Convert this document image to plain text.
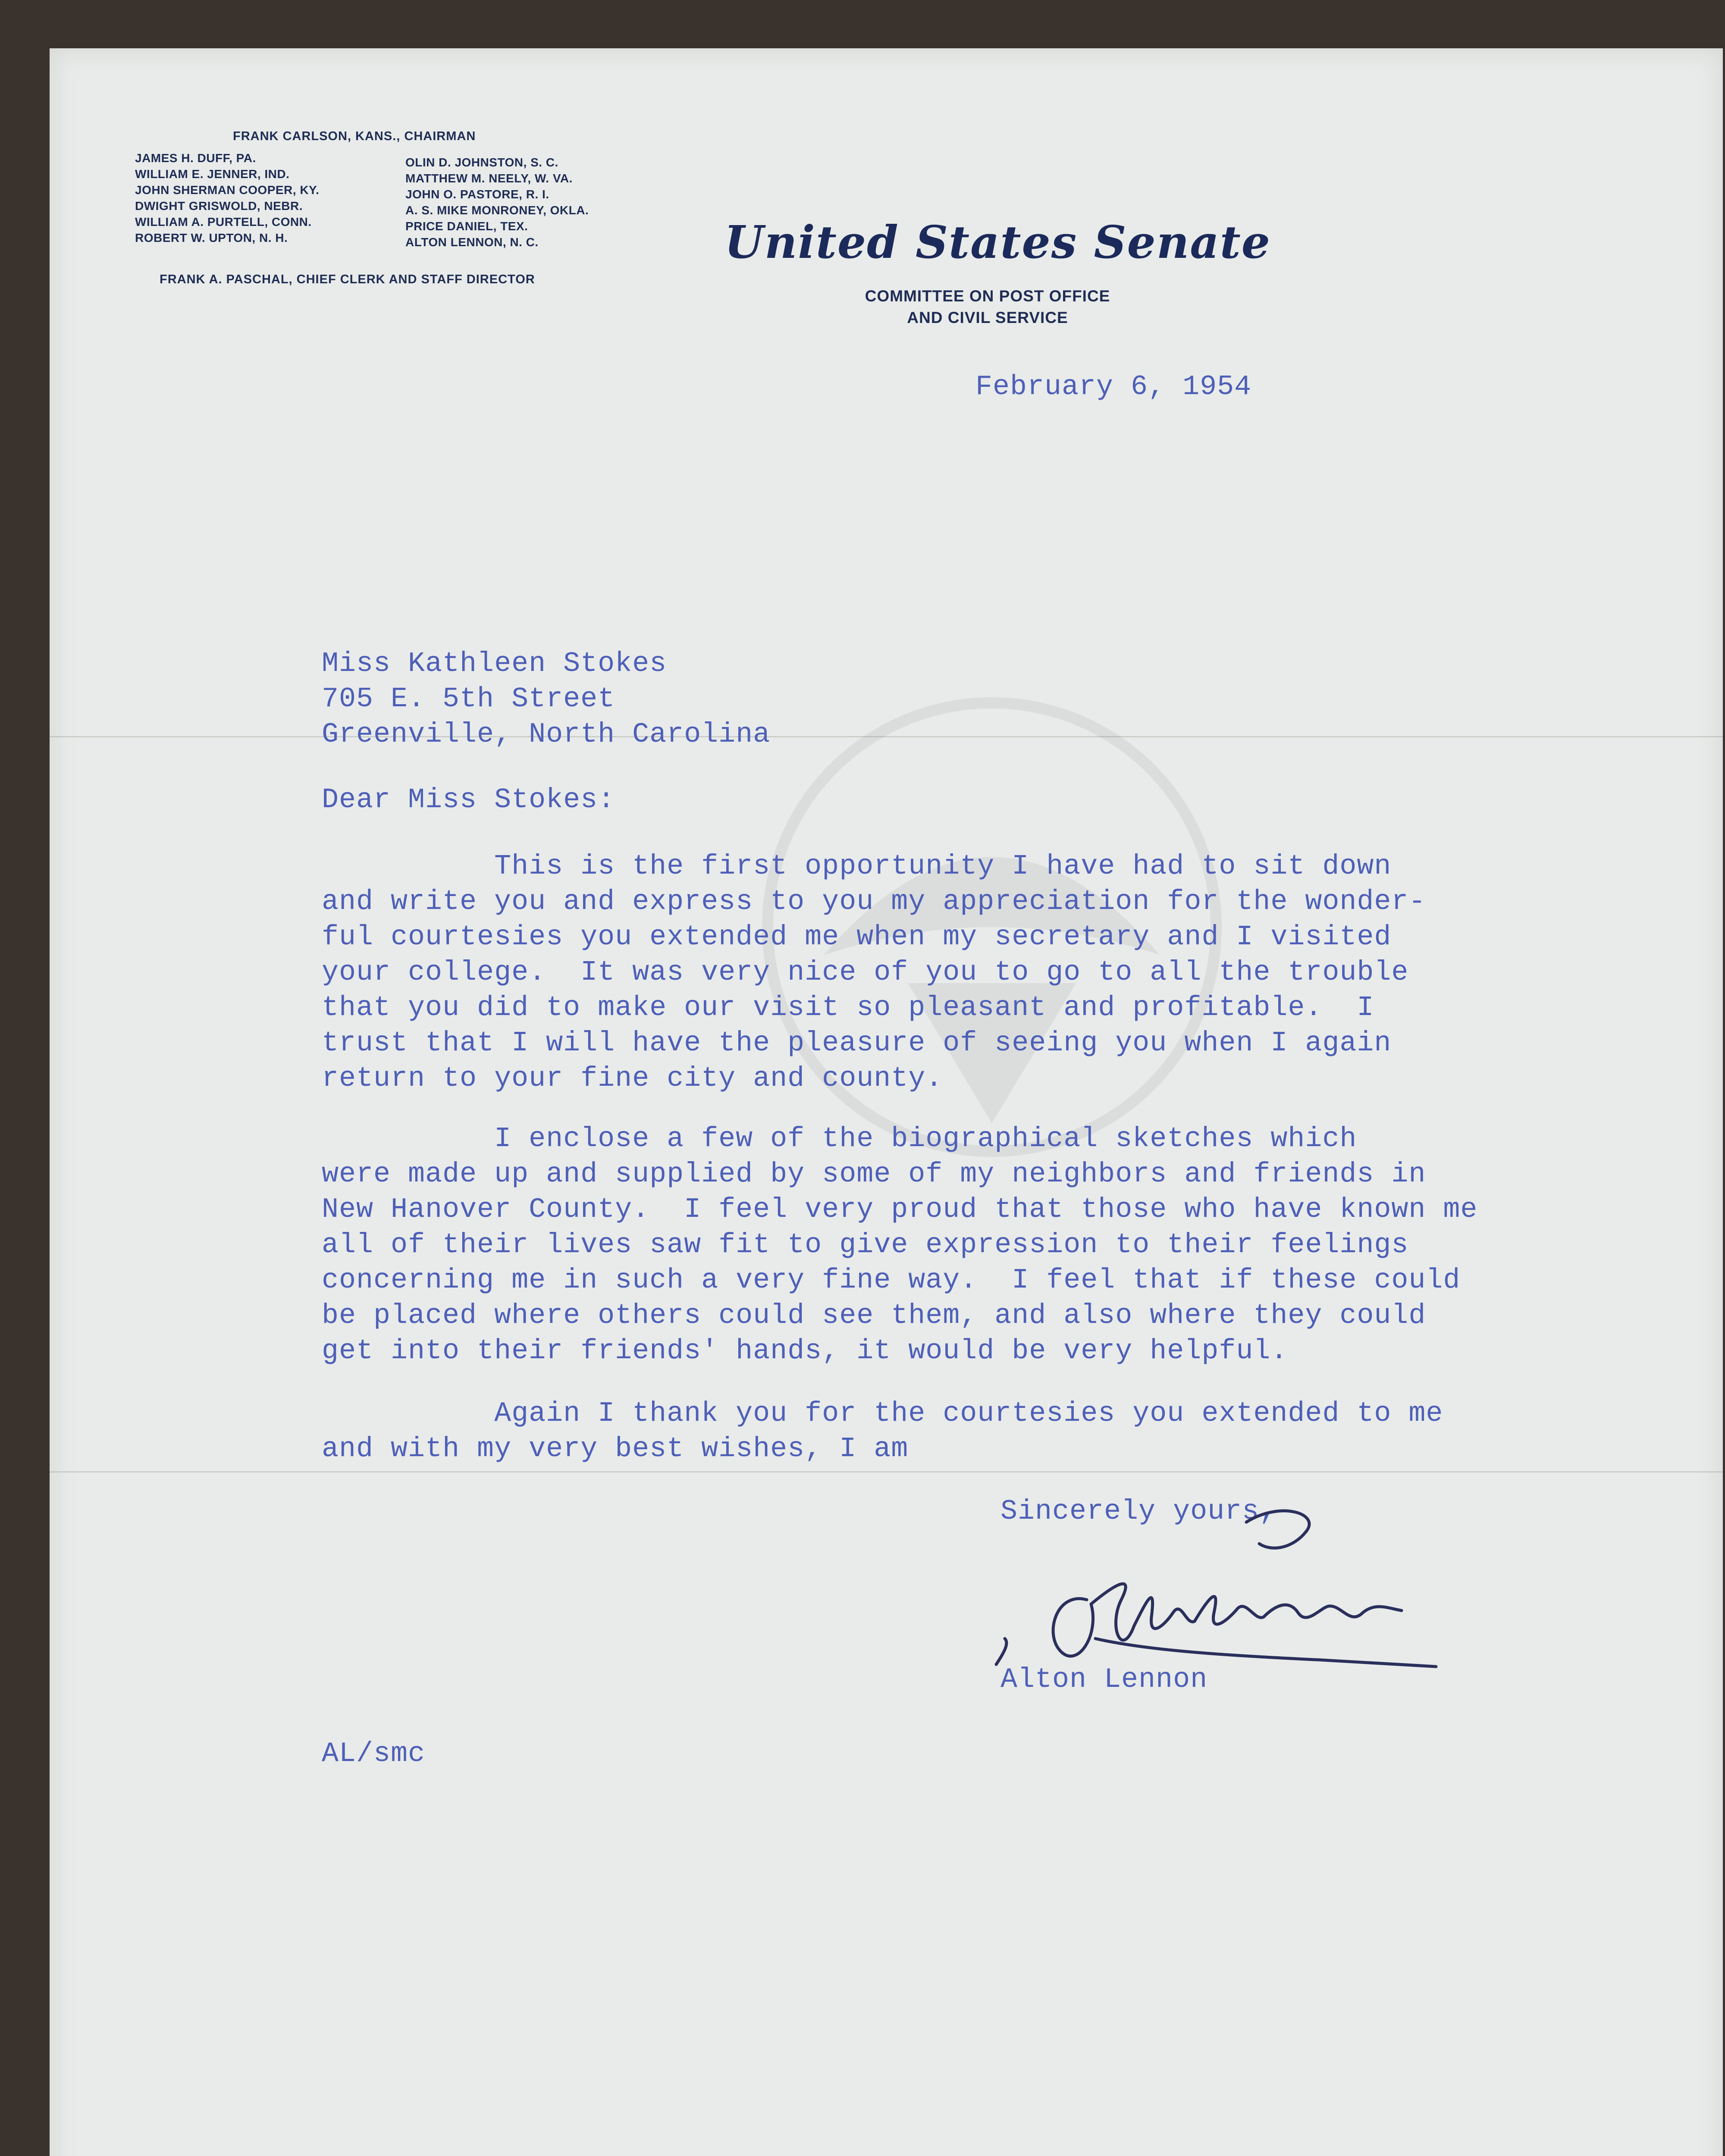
FRANK CARLSON, KANS., CHAIRMAN
JAMES H. DUFF, PA.
WILLIAM E. JENNER, IND.
JOHN SHERMAN COOPER, KY.
DWIGHT GRISWOLD, NEBR.
WILLIAM A. PURTELL, CONN.
ROBERT W. UPTON, N. H.
OLIN D. JOHNSTON, S. C.
MATTHEW M. NEELY, W. VA.
JOHN O. PASTORE, R. I.
A. S. MIKE MONRONEY, OKLA.
PRICE DANIEL, TEX.
ALTON LENNON, N. C.
FRANK A. PASCHAL, CHIEF CLERK AND STAFF DIRECTOR
United States Senate
COMMITTEE ON POST OFFICE
AND CIVIL SERVICE
February 6, 1954
Miss Kathleen Stokes
705 E. 5th Street
Greenville, North Carolina
Dear Miss Stokes:
This is the first opportunity I have had to sit down
and write you and express to you my appreciation for the wonder-
ful courtesies you extended me when my secretary and I visited
your college.  It was very nice of you to go to all the trouble
that you did to make our visit so pleasant and profitable.  I
trust that I will have the pleasure of seeing you when I again
return to your fine city and county.
I enclose a few of the biographical sketches which
were made up and supplied by some of my neighbors and friends in
New Hanover County.  I feel very proud that those who have known me
all of their lives saw fit to give expression to their feelings
concerning me in such a very fine way.  I feel that if these could
be placed where others could see them, and also where they could
get into their friends' hands, it would be very helpful.
Again I thank you for the courtesies you extended to me
and with my very best wishes, I am
Sincerely yours,
Alton Lennon
AL/smc
